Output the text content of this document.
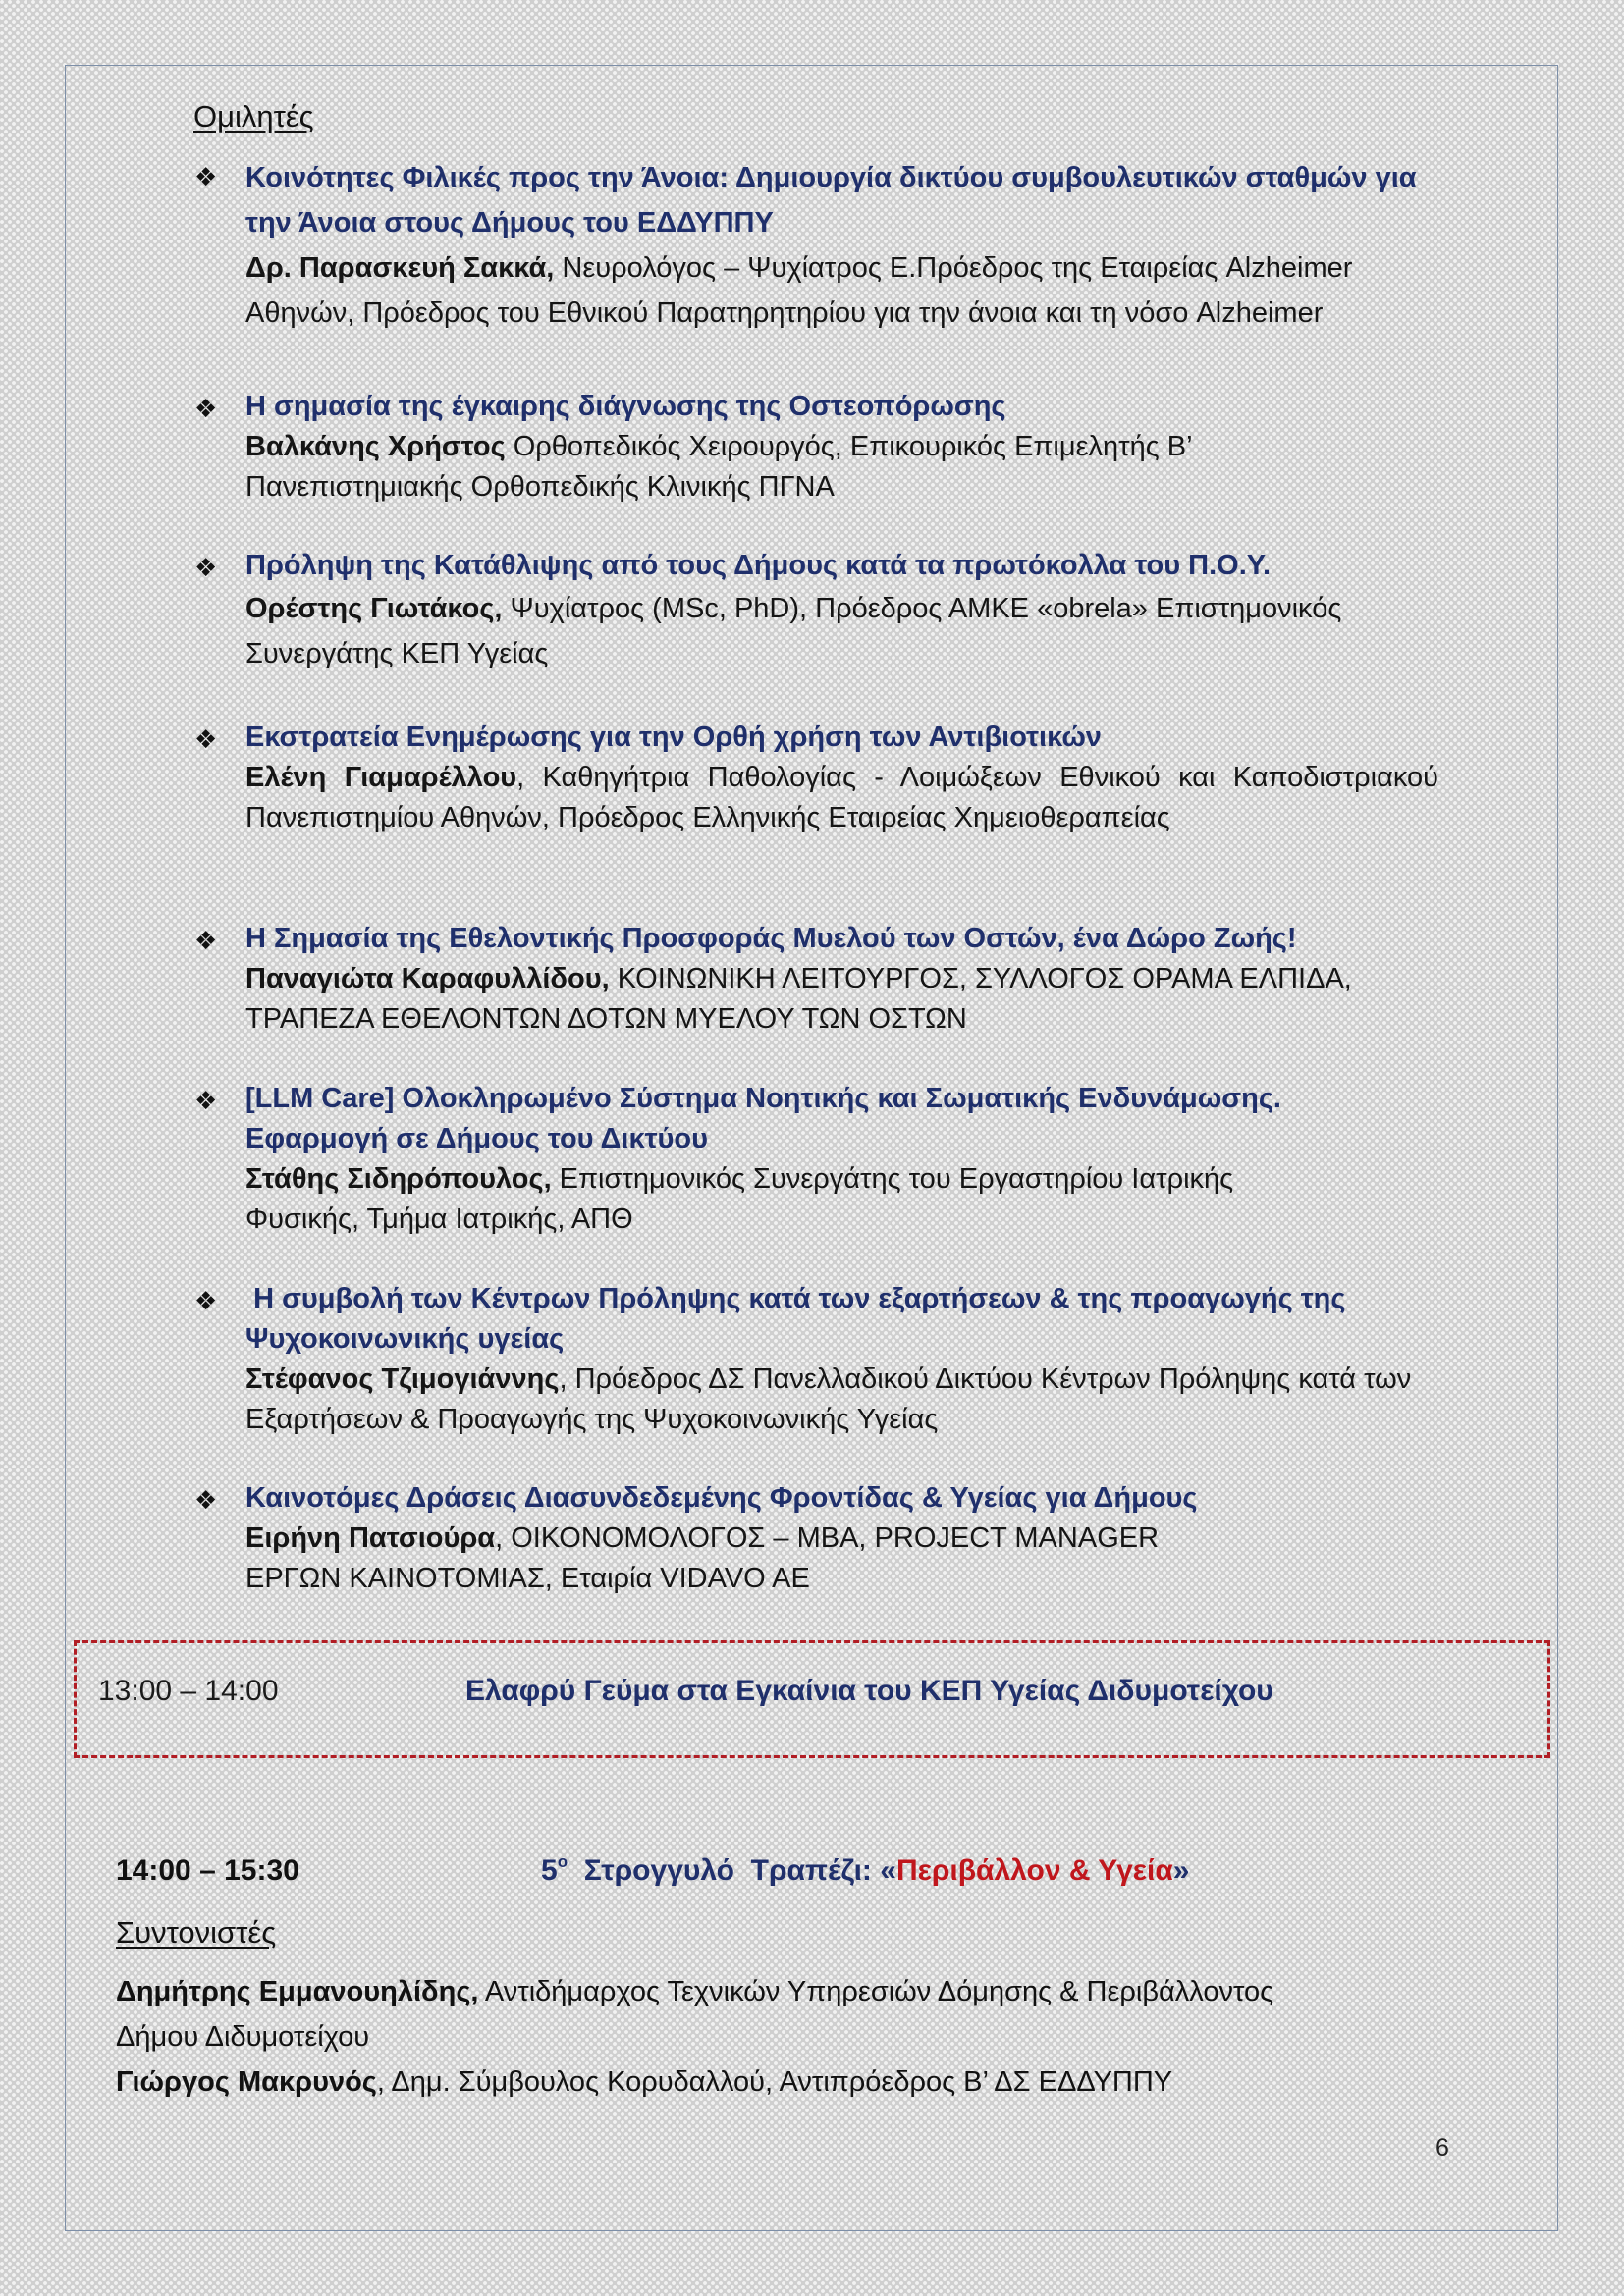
Ομιλητές
❖ Κοινότητες Φιλικές προς την Άνοια: Δημιουργία δικτύου συμβουλευτικών σταθμών για την Άνοια στους Δήμους του ΕΔΔΥΠΠΥ
Δρ. Παρασκευή Σακκά, Νευρολόγος – Ψυχίατρος Ε.Πρόεδρος της Εταιρείας Alzheimer Αθηνών, Πρόεδρος του Εθνικού Παρατηρητηρίου για την άνοια και τη νόσο Alzheimer
❖ Η σημασία της έγκαιρης διάγνωσης της Οστεοπόρωσης
Βαλκάνης Χρήστος Ορθοπεδικός Χειρουργός, Επικουρικός Επιμελητής Β’ Πανεπιστημιακής Ορθοπεδικής Κλινικής ΠΓΝΑ
❖ Πρόληψη της Κατάθλιψης από τους Δήμους κατά τα πρωτόκολλα του Π.Ο.Υ.
Ορέστης Γιωτάκος, Ψυχίατρος (MSc, PhD), Πρόεδρος ΑΜΚΕ «obrela» Επιστημονικός Συνεργάτης ΚΕΠ Υγείας
❖ Εκστρατεία Ενημέρωσης για την Ορθή χρήση των Αντιβιοτικών
Ελένη Γιαμαρέλλου, Καθηγήτρια Παθολογίας - Λοιμώξεων Εθνικού και Καποδιστριακού Πανεπιστημίου Αθηνών, Πρόεδρος Ελληνικής Εταιρείας Χημειοθεραπείας
❖ Η Σημασία της Εθελοντικής Προσφοράς Μυελού των Οστών, ένα Δώρο Ζωής!
Παναγιώτα Καραφυλλίδου, ΚΟΙΝΩΝΙΚΗ ΛΕΙΤΟΥΡΓΟΣ, ΣΥΛΛΟΓΟΣ ΟΡΑΜΑ ΕΛΠΙΔΑ, ΤΡΑΠΕΖΑ ΕΘΕΛΟΝΤΩΝ ΔΟΤΩΝ ΜΥΕΛΟΥ ΤΩΝ ΟΣΤΩΝ
❖ [LLM Care] Ολοκληρωμένο Σύστημα Νοητικής και Σωματικής Ενδυνάμωσης. Εφαρμογή σε Δήμους του Δικτύου
Στάθης Σιδηρόπουλος, Επιστημονικός Συνεργάτης του Εργαστηρίου Ιατρικής Φυσικής, Τμήμα Ιατρικής, ΑΠΘ
❖ Η συμβολή των Κέντρων Πρόληψης κατά των εξαρτήσεων & της προαγωγής της Ψυχοκοινωνικής υγείας
Στέφανος Τζιμογιάννης, Πρόεδρος ΔΣ Πανελλαδικού Δικτύου Κέντρων Πρόληψης κατά των Εξαρτήσεων & Προαγωγής της Ψυχοκοινωνικής Υγείας
❖ Καινοτόμες Δράσεις Διασυνδεδεμένης Φροντίδας & Υγείας για Δήμους
Ειρήνη Πατσιούρα, ΟΙΚΟΝΟΜΟΛΟΓΟΣ – MBA, PROJECT MANAGER ΕΡΓΩΝ ΚΑΙΝΟΤΟΜΙΑΣ, Εταιρία VIDAVO AE
13:00 – 14:00	Ελαφρύ Γεύμα στα Εγκαίνια του ΚΕΠ Υγείας Διδυμοτείχου
14:00 – 15:30	$5^o$  Στρογγυλό  Τραπέζι: «Περιβάλλον & Υγεία»
Συντονιστές
Δημήτρης Εμμανουηλίδης, Αντιδήμαρχος Τεχνικών Υπηρεσιών Δόμησης & Περιβάλλοντος
Δήμου Διδυμοτείχου
Γιώργος Μακρυνός, Δημ. Σύμβουλος Κορυδαλλού, Αντιπρόεδρος Β’ ΔΣ ΕΔΔΥΠΠΥ
6
